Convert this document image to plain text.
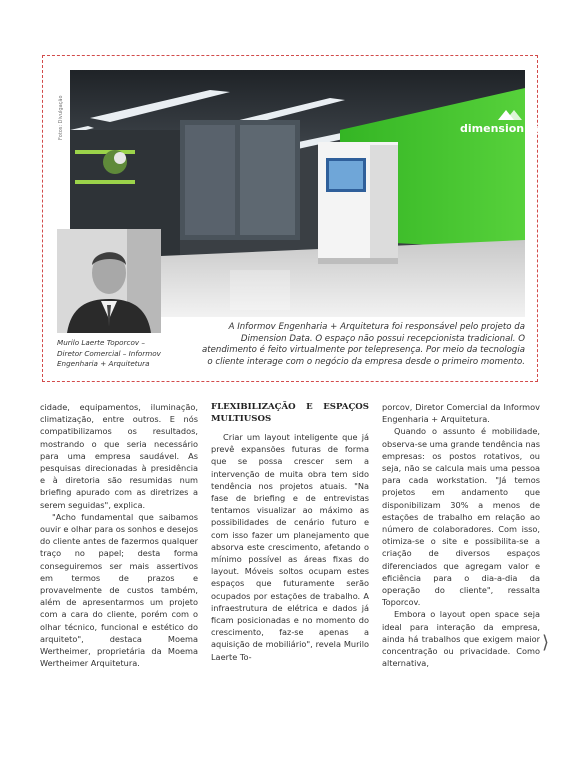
Fotos: Divulgação	dimension data
Murilo Laerte Toporcov –
Diretor Comercial – Informov
Engenharia + Arquitetura
A Informov Engenharia + Arquitetura foi responsável pelo projeto da Dimension Data. O espaço não possui recepcionista tradicional. O atendimento é feito virtualmente por telepresença. Por meio da tecnologia o cliente interage com o negócio da empresa desde o primeiro momento.

cidade, equipamentos, iluminação, climatização, entre outros. E nós compatibilizamos os resultados, mostrando o que seria necessário para uma empresa saudável. As pesquisas direcionadas à presidência e à diretoria são resumidas num briefing apurado com as diretrizes a serem seguidas", explica.

"Acho fundamental que saibamos ouvir e olhar para os sonhos e desejos do cliente antes de fazermos qualquer traço no papel; desta forma conseguiremos ser mais assertivos em termos de prazos e provavelmente de custos também, além de apresentarmos um projeto com a cara do cliente, porém com o olhar técnico, funcional e estético do arquiteto", destaca Moema Wertheimer, proprietária da Moema Wertheimer Arquitetura.

FLEXIBILIZAÇÃO E ESPAÇOS MULTIUSOS

Criar um layout inteligente que já prevê expansões futuras de forma que se possa crescer sem a intervenção de muita obra tem sido tendência nos projetos atuais. "Na fase de briefing e de entrevistas tentamos visualizar ao máximo as possibilidades de cenário futuro e com isso fazer um planejamento que absorva este crescimento, afetando o mínimo possível as áreas fixas do layout. Móveis soltos ocupam estes espaços que futuramente serão ocupados por estações de trabalho. A infraestrutura de elétrica e dados já ficam posicionadas e no momento do crescimento, faz-se apenas a aquisição de mobiliário", revela Murilo Laerte To-

porcov, Diretor Comercial da Informov Engenharia + Arquitetura.

Quando o assunto é mobilidade, observa-se uma grande tendência nas empresas: os postos rotativos, ou seja, não se calcula mais uma pessoa para cada workstation. "Já temos projetos em andamento que disponibilizam 30% a menos de estações de trabalho em relação ao número de colaboradores. Com isso, otimiza-se o site e possibilita-se a criação de diversos espaços diferenciados que agregam valor e eficiência para o dia-a-dia da operação do cliente", ressalta Toporcov.

Embora o layout open space seja ideal para interação da empresa, ainda há trabalhos que exigem maior concentração ou privacidade. Como alternativa,

⟩
